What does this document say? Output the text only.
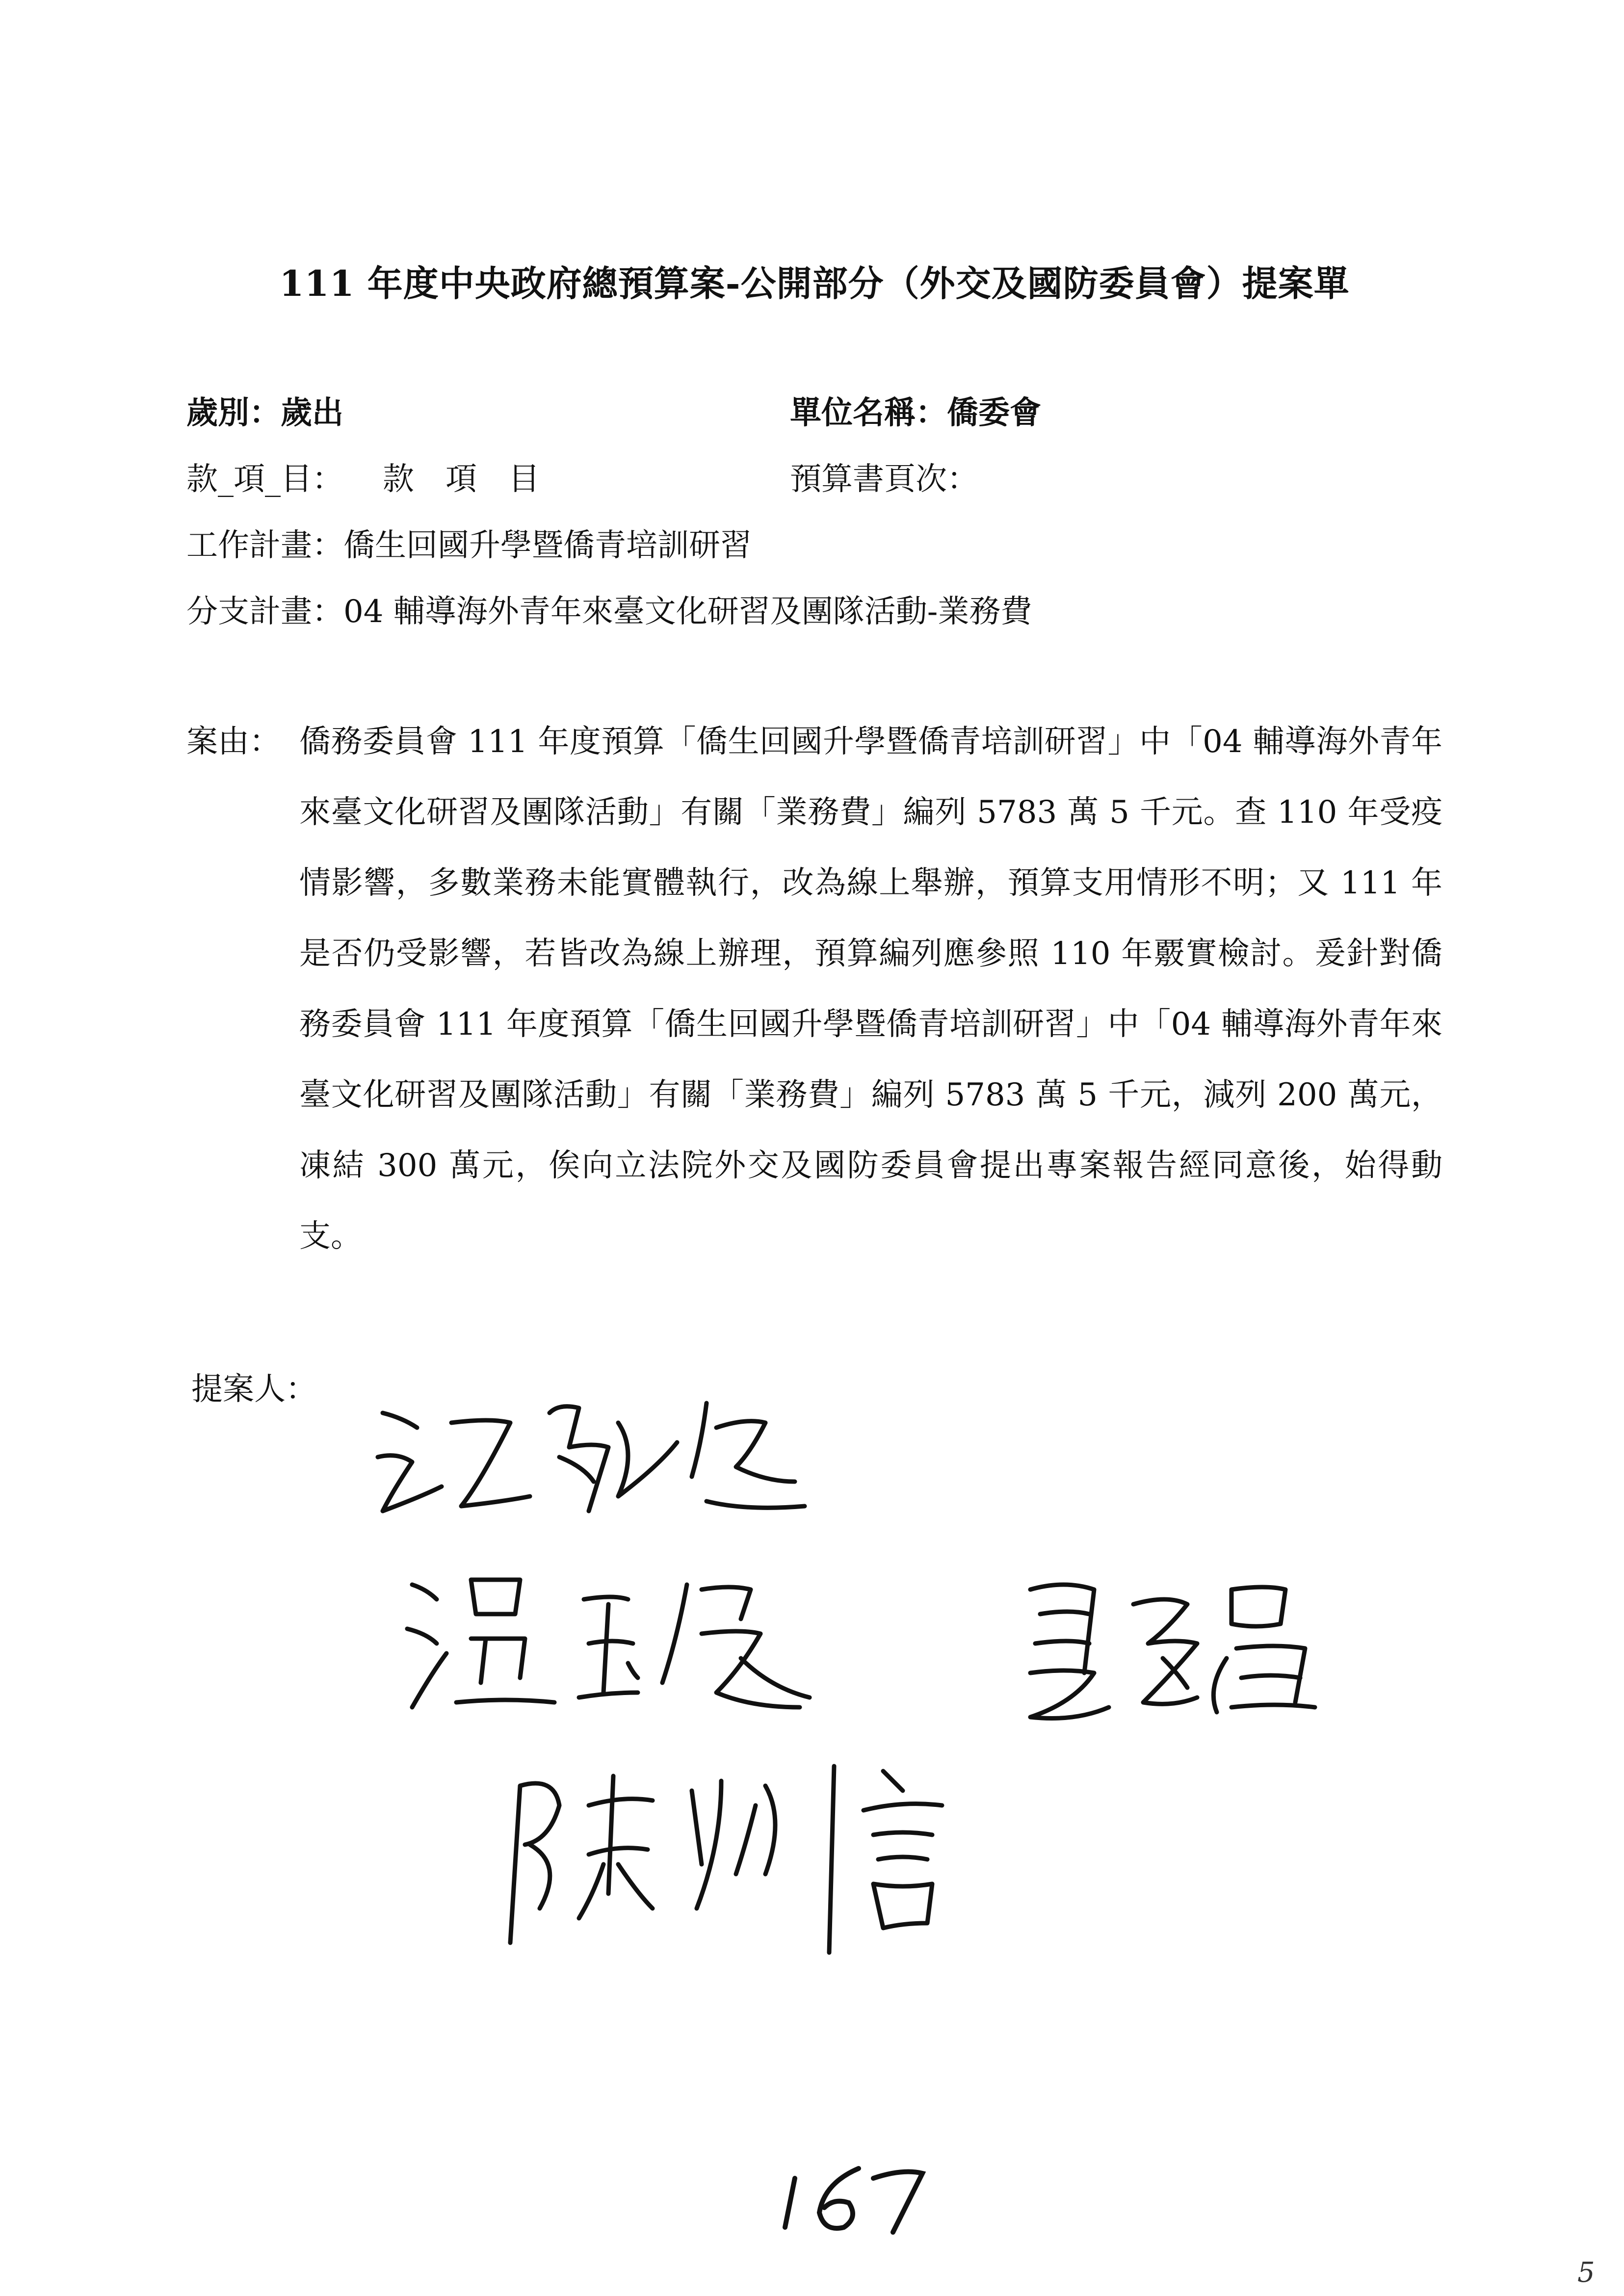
111 年度中央政府總預算案-公開部分（外交及國防委員會）提案單
歲別：歲出	單位名稱：僑委會
款_項_目： 款　項　目	預算書頁次：
工作計畫：僑生回國升學暨僑青培訓研習
分支計畫：04 輔導海外青年來臺文化研習及團隊活動-業務費
案由： 僑務委員會 111 年度預算「僑生回國升學暨僑青培訓研習」中「04 輔導海外青年來臺文化研習及團隊活動」有關「業務費」編列 5783 萬 5 千元。查 110 年受疫情影響，多數業務未能實體執行，改為線上舉辦，預算支用情形不明；又 111 年是否仍受影響，若皆改為線上辦理，預算編列應參照 110 年覈實檢討。爰針對僑務委員會 111 年度預算「僑生回國升學暨僑青培訓研習」中「04 輔導海外青年來臺文化研習及團隊活動」有關「業務費」編列 5783 萬 5 千元，減列 200 萬元，凍結 300 萬元，俟向立法院外交及國防委員會提出專案報告經同意後，始得動支。
提案人：
5
